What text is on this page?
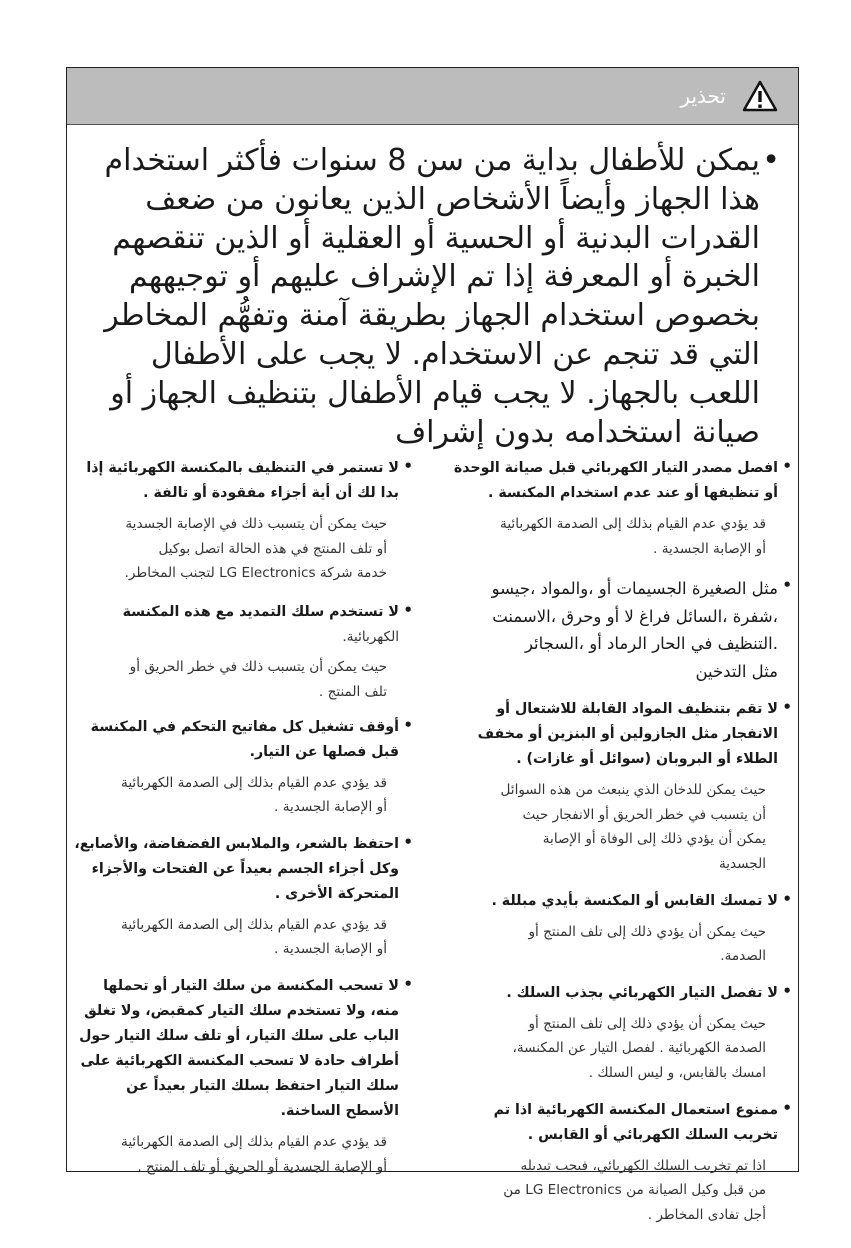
تحذير
•
يمكن للأطفال بداية من سن 8 سنوات فأكثر استخدام
هذا الجهاز وأيضاً الأشخاص الذين يعانون من ضعف
القدرات البدنية أو الحسية أو العقلية أو الذين تنقصهم
الخبرة أو المعرفة إذا تم الإشراف عليهم أو توجيههم
بخصوص استخدام الجهاز بطريقة آمنة وتفهُّم المخاطر
التي قد تنجم عن الاستخدام. لا يجب على الأطفال
اللعب بالجهاز. لا يجب قيام الأطفال بتنظيف الجهاز أو
صيانة استخدامه بدون إشراف
•
افصل مصدر التيار الكهربائي قبل صيانة الوحدة
أو تنظيفها أو عند عدم استخدام المكنسة .
قد يؤدي عدم القيام بذلك إلى الصدمة الكهربائية
أو الإصابة الجسدية .
•
مثل الصغيرة الجسيمات أو ،والمواد ،جيسو
،شفرة ،السائل فراغ لا أو وحرق ،الاسمنت
.التنظيف في الحار الرماد أو ،السجائر
مثل التدخين
•
لا تقم بتنظيف المواد القابلة للاشتعال أو
الانفجار مثل الجازولين أو البنزين أو مخفف
الطلاء أو البروبان (سوائل أو غازات) .
حيث يمكن للدخان الذي ينبعث من هذه السوائل
أن يتسبب في خطر الحريق أو الانفجار حيث
يمكن أن يؤدي ذلك إلى الوفاة أو الإصابة
الجسدية
•
لا تمسك القابس أو المكنسة بأيدي مبللة .
حيث يمكن أن يؤدي ذلك إلى تلف المنتج أو
الصدمة.
•
لا تفصل التيار الكهربائي بجذب السلك .
حيث يمكن أن يؤدي ذلك إلى تلف المنتج أو
الصدمة الكهربائية . لفصل التيار عن المكنسة،
امسك بالقابس، و ليس السلك .
•
ممنوع استعمال المكنسة الكهربائية اذا تم
تخريب السلك الكهربائي أو القابس .
اذا تم تخريب السلك الكهربائي، فيجب تبديله
من قبل وكيل الصيانة من LG Electronics من
أجل تفادى المخاطر .
•
لا تستمر في التنظيف بالمكنسة الكهربائية إذا
بدا لك أن أية أجزاء مفقودة أو تالفة .
حيث يمكن أن يتسبب ذلك في الإصابة الجسدية
أو تلف المنتج في هذه الحالة اتصل بوكيل
خدمة شركة LG Electronics لتجنب المخاطر.
•
لا تستخدم سلك التمديد مع هذه المكنسة
الكهربائية.
حيث يمكن أن يتسبب ذلك في خطر الحريق أو
تلف المنتج .
•
أوقف تشغيل كل مفاتيح التحكم في المكنسة
قبل فصلها عن التيار.
قد يؤدي عدم القيام بذلك إلى الصدمة الكهربائية
أو الإصابة الجسدية .
•
احتفظ بالشعر، والملابس الفضفاضة، والأصابع،
وكل أجزاء الجسم بعيداً عن الفتحات والأجزاء
المتحركة الأخرى .
قد يؤدي عدم القيام بذلك إلى الصدمة الكهربائية
أو الإصابة الجسدية .
•
لا تسحب المكنسة من سلك التيار أو تحملها
منه، ولا تستخدم سلك التيار كمقبض، ولا تغلق
الباب على سلك التيار، أو تلف سلك التيار حول
أطراف حادة لا تسحب المكنسة الكهربائية على
سلك التيار احتفظ بسلك التيار بعيداً عن
الأسطح الساخنة.
قد يؤدي عدم القيام بذلك إلى الصدمة الكهربائية
أو الإصابة الجسدية أو الحريق أو تلف المنتج .
